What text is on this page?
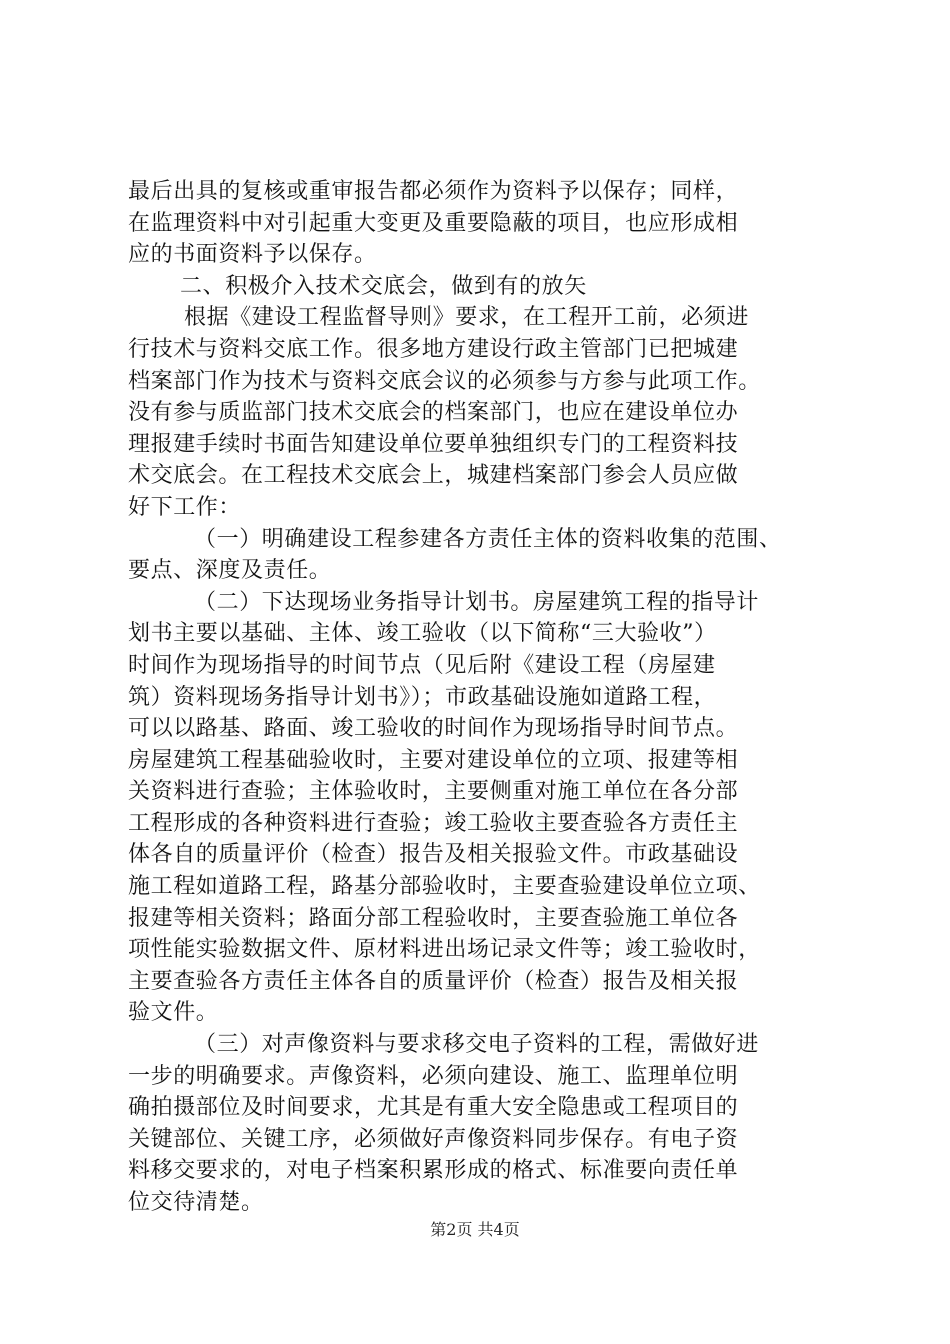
最后出具的复核或重审报告都必须作为资料予以保存；同样，
在监理资料中对引起重大变更及重要隐蔽的项目，也应形成相
应的书面资料予以保存。
二、积极介入技术交底会，做到有的放矢
根据《建设工程监督导则》要求，在工程开工前，必须进
行技术与资料交底工作。很多地方建设行政主管部门已把城建
档案部门作为技术与资料交底会议的必须参与方参与此项工作。
没有参与质监部门技术交底会的档案部门，也应在建设单位办
理报建手续时书面告知建设单位要单独组织专门的工程资料技
术交底会。在工程技术交底会上，城建档案部门参会人员应做
好下工作：
（一）明确建设工程参建各方责任主体的资料收集的范围、
要点、深度及责任。
（二）下达现场业务指导计划书。房屋建筑工程的指导计
划书主要以基础、主体、竣工验收（以下简称“三大验收”）
时间作为现场指导的时间节点（见后附《建设工程（房屋建
筑）资料现场务指导计划书》）；市政基础设施如道路工程，
可以以路基、路面、竣工验收的时间作为现场指导时间节点。
房屋建筑工程基础验收时，主要对建设单位的立项、报建等相
关资料进行查验；主体验收时，主要侧重对施工单位在各分部
工程形成的各种资料进行查验；竣工验收主要查验各方责任主
体各自的质量评价（检查）报告及相关报验文件。市政基础设
施工程如道路工程，路基分部验收时，主要查验建设单位立项、
报建等相关资料；路面分部工程验收时，主要查验施工单位各
项性能实验数据文件、原材料进出场记录文件等；竣工验收时，
主要查验各方责任主体各自的质量评价（检查）报告及相关报
验文件。
（三）对声像资料与要求移交电子资料的工程，需做好进
一步的明确要求。声像资料，必须向建设、施工、监理单位明
确拍摄部位及时间要求，尤其是有重大安全隐患或工程项目的
关键部位、关键工序，必须做好声像资料同步保存。有电子资
料移交要求的，对电子档案积累形成的格式、标准要向责任单
位交待清楚。
第2页 共4页
